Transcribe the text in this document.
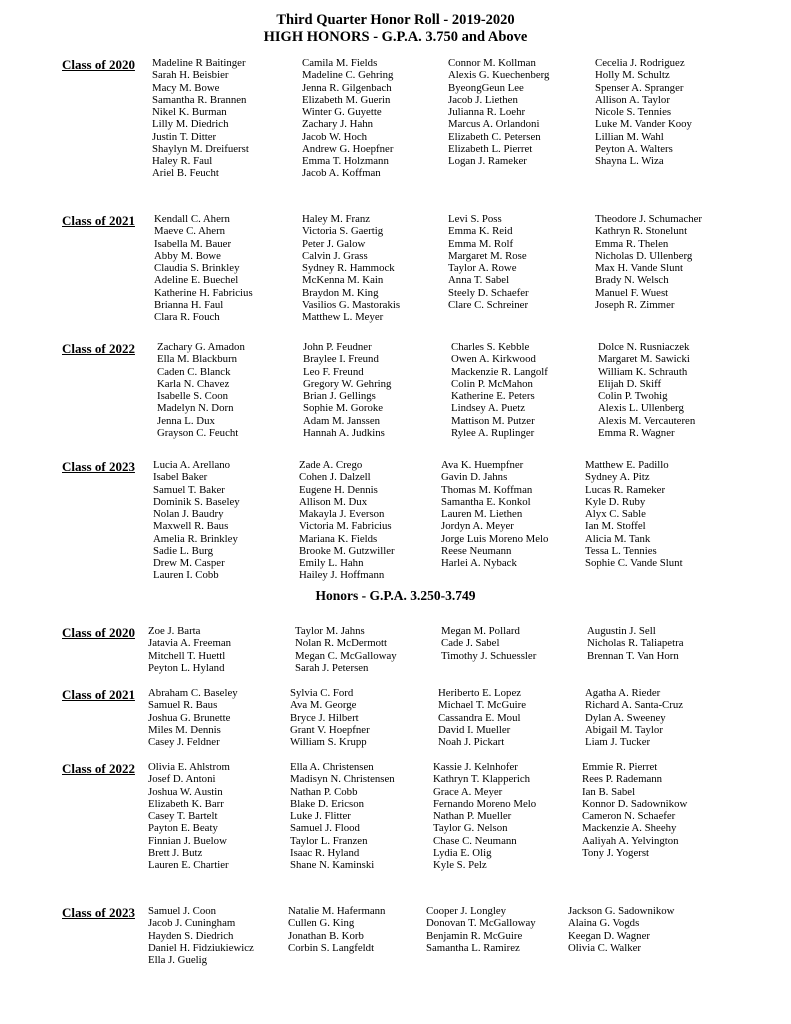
Third Quarter Honor Roll - 2019-2020
HIGH HONORS - G.P.A. 3.750 and Above
Class of 2020 Madeline R Baitinger
Sarah H. Beisbier
Macy M. Bowe
Samantha R. Brannen
Nikel K. Burman
Lilly M. Diedrich
Justin T. Ditter
Shaylyn M. Dreifuerst
Haley R. Faul
Ariel B. Feucht
Camila M. Fields
Madeline C. Gehring
Jenna R. Gilgenbach
Elizabeth M. Guerin
Winter G. Guyette
Zachary J. Hahn
Jacob W. Hoch
Andrew G. Hoepfner
Emma T. Holzmann
Jacob A. Koffman
Connor M. Kollman
Alexis G. Kuechenberg
ByeongGeun Lee
Jacob J. Liethen
Julianna R. Loehr
Marcus A. Orlandoni
Elizabeth C. Petersen
Elizabeth L. Pierret
Logan J. Rameker
Cecelia J. Rodriguez
Holly M. Schultz
Spenser A. Spranger
Allison A. Taylor
Nicole S. Tennies
Luke M. Vander Kooy
Lillian M. Wahl
Peyton A. Walters
Shayna L. Wiza
Class of 2021 Kendall C. Ahern
Maeve C. Ahern
Isabella M. Bauer
Abby M. Bowe
Claudia S. Brinkley
Adeline E. Buechel
Katherine H. Fabricius
Brianna H. Faul
Clara R. Fouch
Haley M. Franz
Victoria S. Gaertig
Peter J. Galow
Calvin J. Grass
Sydney R. Hammock
McKenna M. Kain
Braydon M. King
Vasilios G. Mastorakis
Matthew L. Meyer
Levi S. Poss
Emma K. Reid
Emma M. Rolf
Margaret M. Rose
Taylor A. Rowe
Anna T. Sabel
Steely D. Schaefer
Clare C. Schreiner
Theodore J. Schumacher
Kathryn R. Stonelunt
Emma R. Thelen
Nicholas D. Ullenberg
Max H. Vande Slunt
Brady N. Welsch
Manuel F. Wuest
Joseph R. Zimmer
Class of 2022 Zachary G. Amadon
Ella M. Blackburn
Caden C. Blanck
Karla N. Chavez
Isabelle S. Coon
Madelyn N. Dorn
Jenna L. Dux
Grayson C. Feucht
John P. Feudner
Braylee I. Freund
Leo F. Freund
Gregory W. Gehring
Brian J. Gellings
Sophie M. Goroke
Adam M. Janssen
Hannah A. Judkins
Charles S. Kebble
Owen A. Kirkwood
Mackenzie R. Langolf
Colin P. McMahon
Katherine E. Peters
Lindsey A. Puetz
Mattison M. Putzer
Rylee A. Ruplinger
Dolce N. Rusniaczek
Margaret M. Sawicki
William K. Schrauth
Elijah D. Skiff
Colin P. Twohig
Alexis L. Ullenberg
Alexis M. Vercauteren
Emma R. Wagner
Class of 2023 Lucia A. Arellano
Isabel Baker
Samuel T. Baker
Dominik S. Baseley
Nolan J. Baudry
Maxwell R. Baus
Amelia R. Brinkley
Sadie L. Burg
Drew M. Casper
Lauren I. Cobb
Zade A. Crego
Cohen J. Dalzell
Eugene H. Dennis
Allison M. Dux
Makayla J. Everson
Victoria M. Fabricius
Mariana K. Fields
Brooke M. Gutzwiller
Emily L. Hahn
Hailey J. Hoffmann
Ava K. Huempfner
Gavin D. Jahns
Thomas M. Koffman
Samantha E. Konkol
Lauren M. Liethen
Jordyn A. Meyer
Jorge Luis Moreno Melo
Reese Neumann
Harlei A. Nyback
Matthew E. Padillo
Sydney A. Pitz
Lucas R. Rameker
Kyle D. Ruby
Alyx C. Sable
Ian M. Stoffel
Alicia M. Tank
Tessa L. Tennies
Sophie C. Vande Slunt
Honors - G.P.A. 3.250-3.749
Class of 2020 Zoe J. Barta
Jatavia A. Freeman
Mitchell T. Huettl
Peyton L. Hyland
Taylor M. Jahns
Nolan R. McDermott
Megan C. McGalloway
Sarah J. Petersen
Megan M. Pollard
Cade J. Sabel
Timothy J. Schuessler
Augustin J. Sell
Nicholas R. Taliapetra
Brennan T. Van Horn
Class of 2021 Abraham C. Baseley
Samuel R. Baus
Joshua G. Brunette
Miles M. Dennis
Casey J. Feldner
Sylvia C. Ford
Ava M. George
Bryce J. Hilbert
Grant V. Hoepfner
William S. Krupp
Heriberto E. Lopez
Michael T. McGuire
Cassandra E. Moul
David I. Mueller
Noah J. Pickart
Agatha A. Rieder
Richard A. Santa-Cruz
Dylan A. Sweeney
Abigail M. Taylor
Liam J. Tucker
Class of 2022 Olivia E. Ahlstrom
Josef D. Antoni
Joshua W. Austin
Elizabeth K. Barr
Casey T. Bartelt
Payton E. Beaty
Finnian J. Buelow
Brett J. Butz
Lauren E. Chartier
Ella A. Christensen
Madisyn N. Christensen
Nathan P. Cobb
Blake D. Ericson
Luke J. Flitter
Samuel J. Flood
Taylor L. Franzen
Isaac R. Hyland
Shane N. Kaminski
Kassie J. Kelnhofer
Kathryn T. Klapperich
Grace A. Meyer
Fernando Moreno Melo
Nathan P. Mueller
Taylor G. Nelson
Chase C. Neumann
Lydia E. Olig
Kyle S. Pelz
Emmie R. Pierret
Rees P. Rademann
Ian B. Sabel
Konnor D. Sadownikow
Cameron N. Schaefer
Mackenzie A. Sheehy
Aaliyah A. Yelvington
Tony J. Yogerst
Class of 2023 Samuel J. Coon
Jacob J. Cuningham
Hayden S. Diedrich
Daniel H. Fidziukiewicz
Ella J. Guelig
Natalie M. Hafermann
Cullen G. King
Jonathan B. Korb
Corbin S. Langfeldt
Cooper J. Longley
Donovan T. McGalloway
Benjamin R. McGuire
Samantha L. Ramirez
Jackson G. Sadownikow
Alaina G. Vogds
Keegan D. Wagner
Olivia C. Walker
